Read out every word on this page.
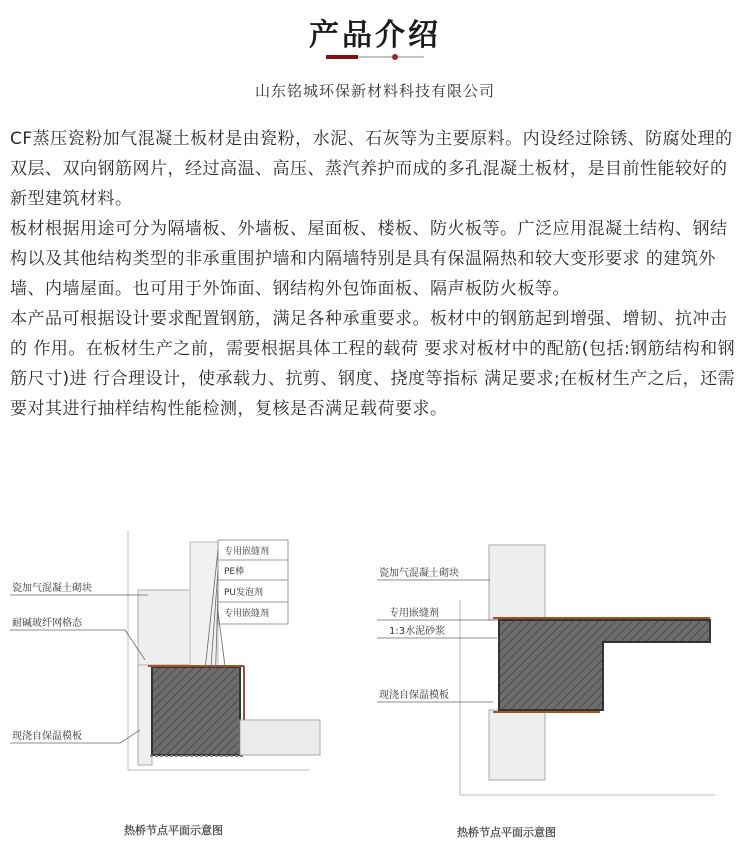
产品介绍
山东铭城环保新材料科技有限公司

CF蒸压瓷粉加气混凝土板材是由瓷粉，水泥、石灰等为主要原料。内设经过除锈、防腐处理的双层、双向钢筋网片，经过高温、高压、蒸汽养护而成的多孔混凝土板材，是目前性能较好的新型建筑材料。

板材根据用途可分为隔墙板、外墙板、屋面板、楼板、防火板等。广泛应用混凝土结构、钢结构以及其他结构类型的非承重围护墙和内隔墙特别是具有保温隔热和较大变形要求 的建筑外墙、内墙屋面。也可用于外饰面、钢结构外包饰面板、隔声板防火板等。

本产品可根据设计要求配置钢筋，满足各种承重要求。板材中的钢筋起到增强、增韧、抗冲击的 作用。在板材生产之前，需要根据具体工程的载荷 要求对板材中的配筋(包括:钢筋结构和钢筋尺寸)进 行合理设计，使承载力、抗剪、钢度、挠度等指标 满足要求;在板材生产之后，还需要对其进行抽样结构性能检测，复核是否满足载荷要求。

专用嵌缝剂
PE棒
PU发泡剂
专用嵌缝剂
瓷加气混凝土砌块
耐碱玻纤网格态
现浇自保温模板
热桥节点平面示意图
瓷加气混凝土砌块
专用嵌缝剂
1:3水泥砂浆
现浇自保温模板
热桥节点平面示意图
